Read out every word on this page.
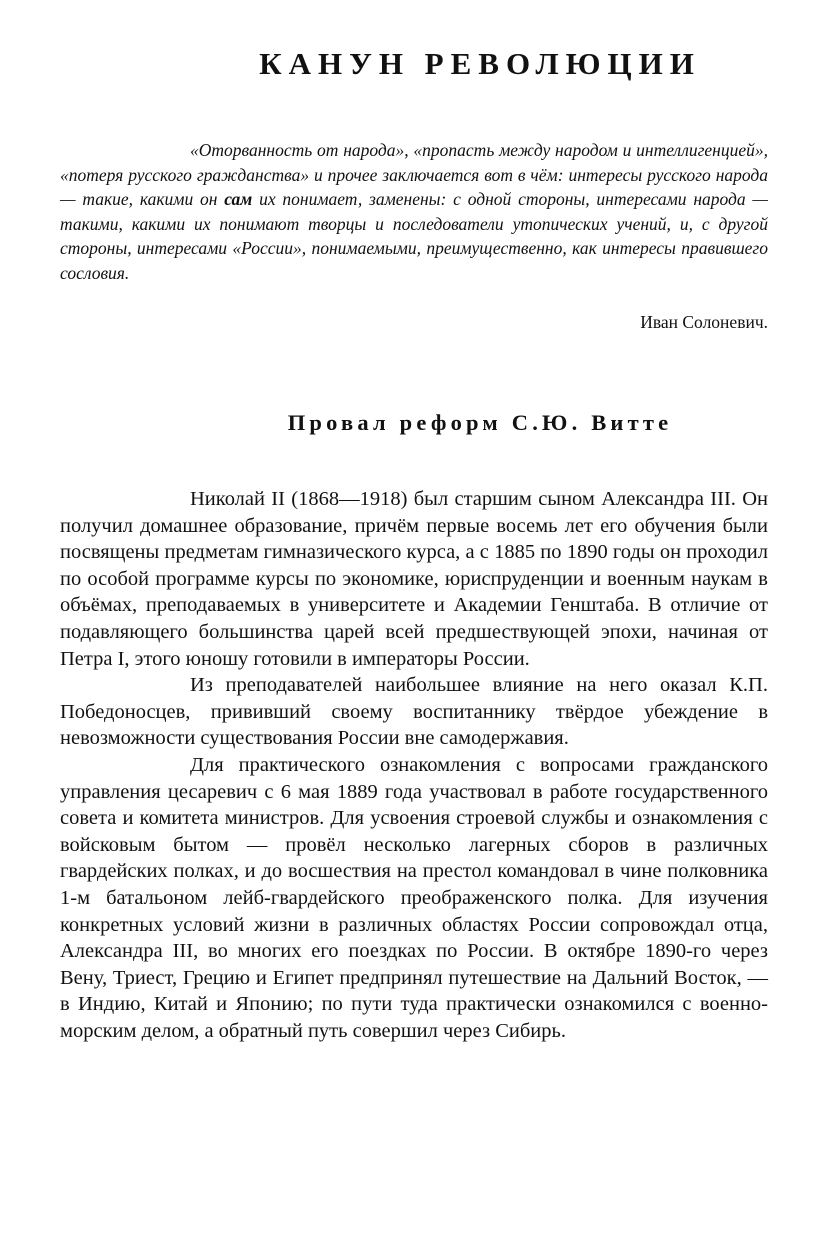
КАНУН РЕВОЛЮЦИИ

«Оторванность от народа», «пропасть между народом и интеллигенцией», «потеря русского гражданства» и прочее заключается вот в чём: интересы русского народа — такие, какими он сам их понимает, заменены: с одной стороны, интересами народа — такими, какими их понимают творцы и последователи утопических учений, и, с другой стороны, интересами «России», понимаемыми, преимущественно, как интересы правившего сословия.

Иван Солоневич.

Провал реформ С.Ю. Витте

Николай II (1868—1918) был старшим сыном Александра III. Он получил домашнее образование, причём первые восемь лет его обучения были посвящены предметам гимназического курса, а с 1885 по 1890 годы он проходил по особой программе курсы по экономике, юриспруденции и военным наукам в объёмах, преподаваемых в университете и Академии Генштаба. В отличие от подавляющего большинства царей всей предшествующей эпохи, начиная от Петра I, этого юношу готовили в императоры России.

Из преподавателей наибольшее влияние на него оказал К.П. Победоносцев, прививший своему воспитаннику твёрдое убеждение в невозможности существования России вне самодержавия.

Для практического ознакомления с вопросами гражданского управления цесаревич с 6 мая 1889 года участвовал в работе государственного совета и комитета министров. Для усвоения строевой службы и ознакомления с войсковым бытом — провёл несколько лагерных сборов в различных гвардейских полках, и до восшествия на престол командовал в чине полковника 1-м батальоном лейб-гвардейского преображенского полка. Для изучения конкретных условий жизни в различных областях России сопровождал отца, Александра III, во многих его поездках по России. В октябре 1890-го через Вену, Триест, Грецию и Египет предпринял путешествие на Дальний Восток, — в Индию, Китай и Японию; по пути туда практически ознакомился с военно-морским делом, а обратный путь совершил через Сибирь.
